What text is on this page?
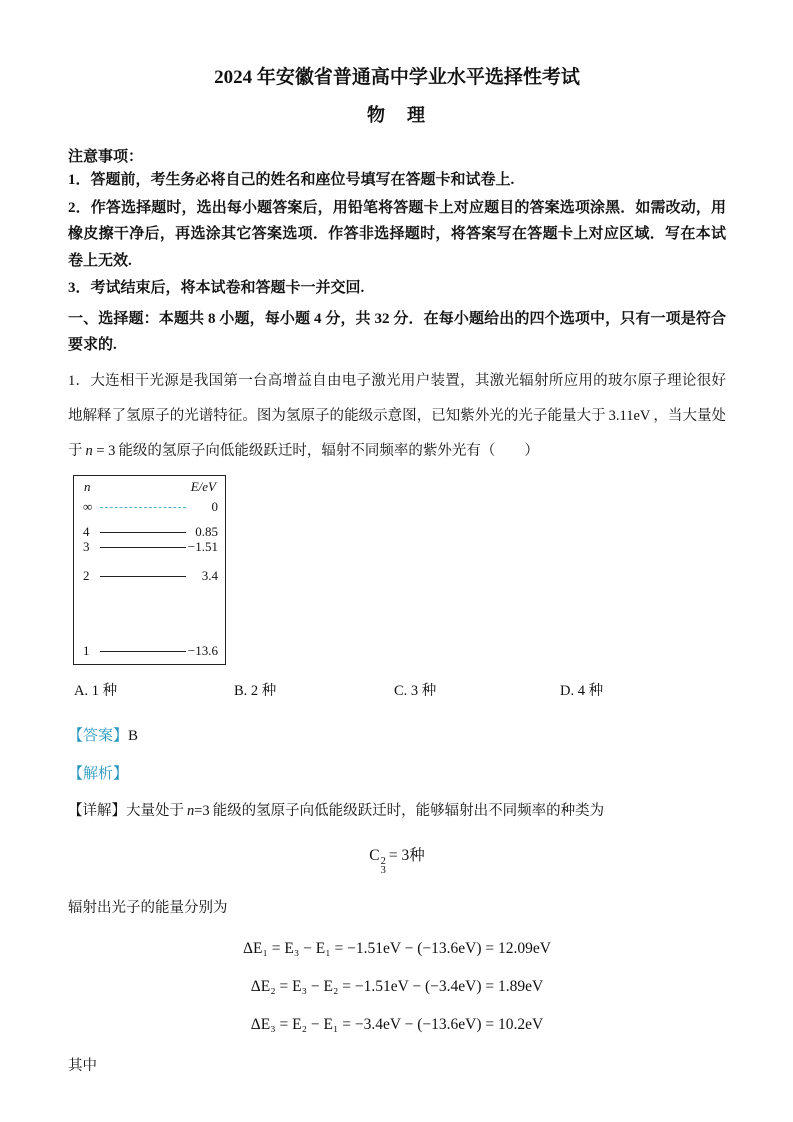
2024 年安徽省普通高中学业水平选择性考试
物　理

注意事项：

1．答题前，考生务必将自己的姓名和座位号填写在答题卡和试卷上.

2．作答选择题时，选出每小题答案后，用铅笔将答题卡上对应题目的答案选项涂黑．如需改动，用橡皮擦干净后，再选涂其它答案选项．作答非选择题时，将答案写在答题卡上对应区域．写在本试卷上无效.

3．考试结束后，将本试卷和答题卡一并交回.

一、选择题：本题共 8 小题，每小题 4 分，共 32 分．在每小题给出的四个选项中，只有一项是符合要求的.

1．大连相干光源是我国第一台高增益自由电子激光用户装置，其激光辐射所应用的玻尔原子理论很好地解释了氢原子的光谱特征。图为氢原子的能级示意图，已知紫外光的光子能量大于 3.11eV ，当大量处于 n = 3 能级的氢原子向低能级跃迁时，辐射不同频率的紫外光有（　　）

n	E/eV
∞	0
4	0.85
3	−1.51
2	3.4
1	−13.6
A. 1 种	B. 2 种	C. 3 种	D. 4 种

【答案】B

【解析】

【详解】大量处于 n=3 能级的氢原子向低能级跃迁时，能够辐射出不同频率的种类为

C 2
3
= 3种

辐射出光子的能量分别为

ΔE₁ = E₃ − E₁ = −1.51eV − (−13.6eV) = 12.09eV
ΔE₂ = E₃ − E₂ = −1.51eV − (−3.4eV) = 1.89eV
ΔE₃ = E₂ − E₁ = −3.4eV − (−13.6eV) = 10.2eV

其中
